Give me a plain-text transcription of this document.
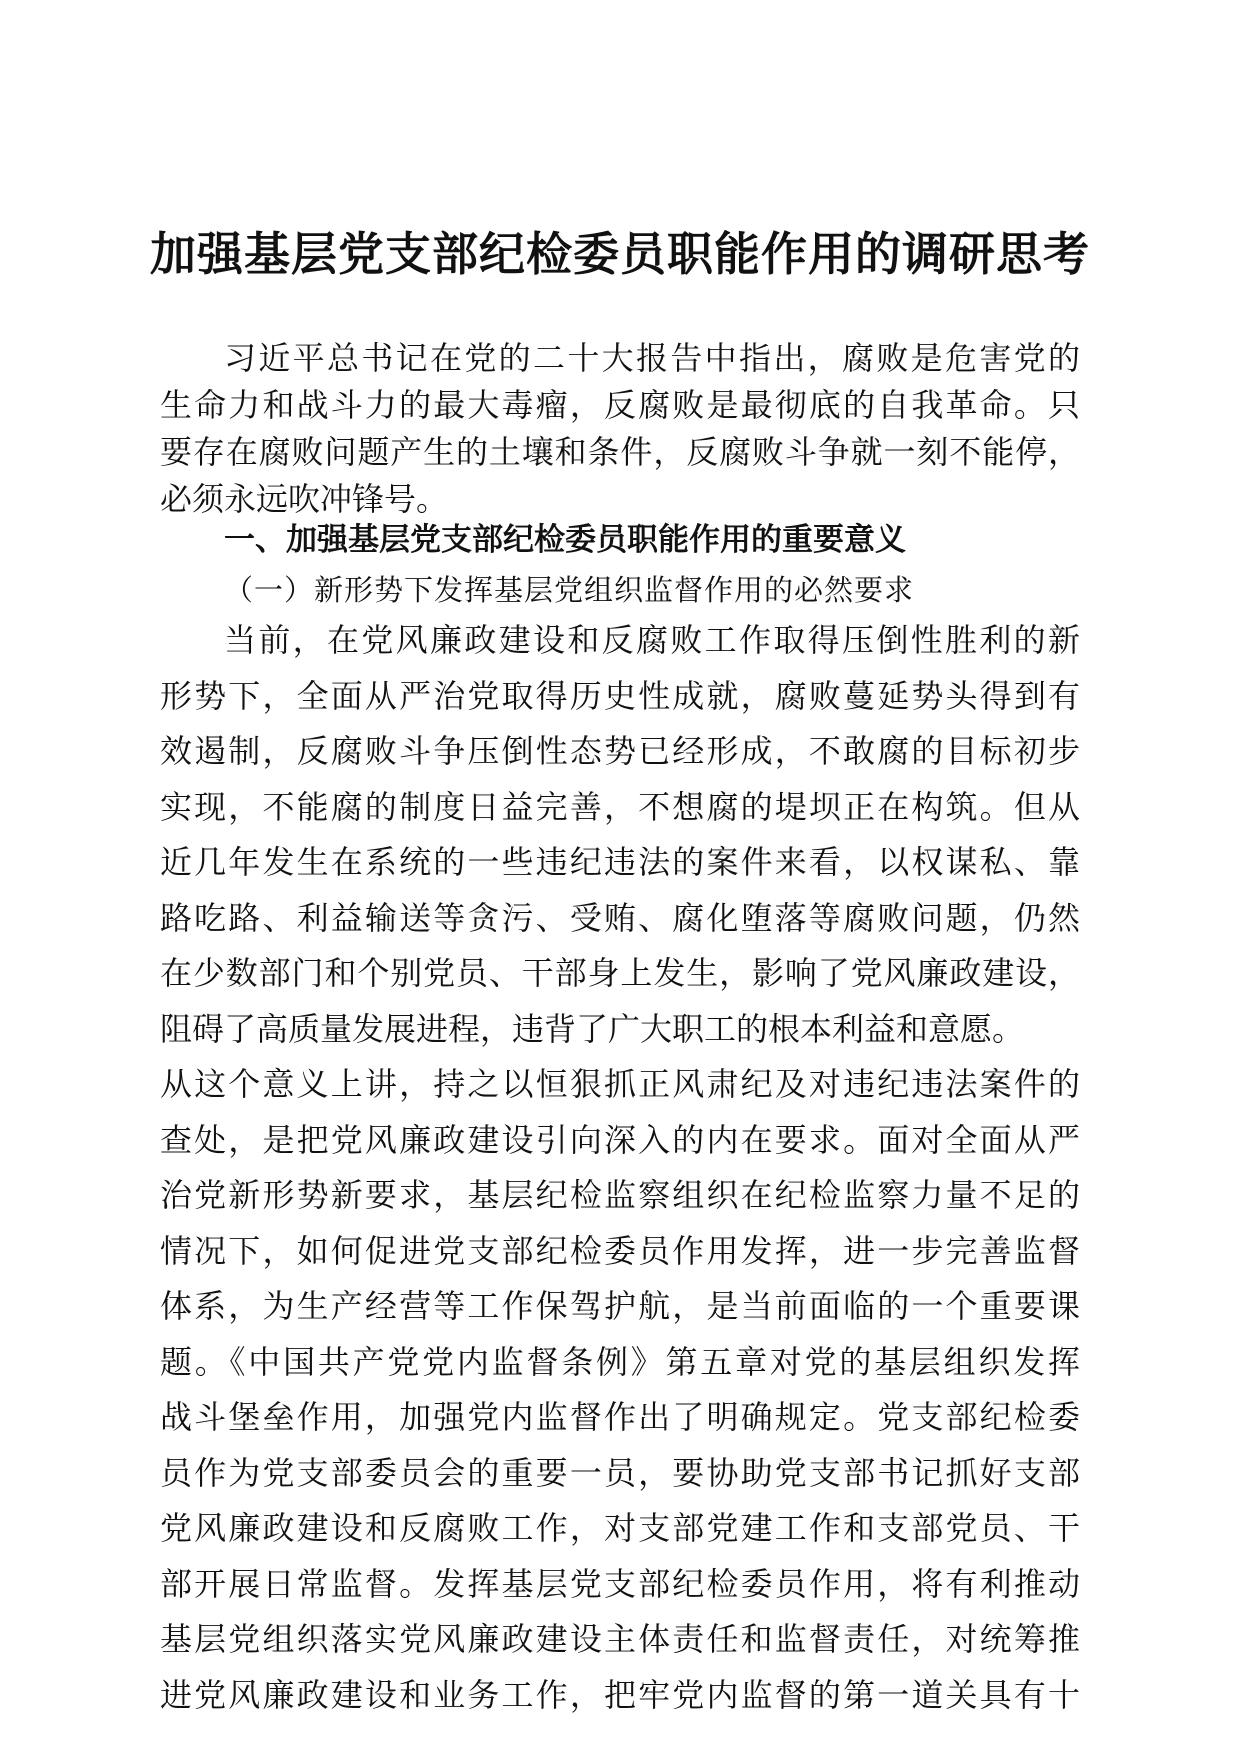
加强基层党支部纪检委员职能作用的调研思考
习近平总书记在党的二十大报告中指出，腐败是危害党的
生命力和战斗力的最大毒瘤，反腐败是最彻底的自我革命。只
要存在腐败问题产生的土壤和条件，反腐败斗争就一刻不能停，
必须永远吹冲锋号。
一、加强基层党支部纪检委员职能作用的重要意义
（一）新形势下发挥基层党组织监督作用的必然要求
当前，在党风廉政建设和反腐败工作取得压倒性胜利的新
形势下，全面从严治党取得历史性成就，腐败蔓延势头得到有
效遏制，反腐败斗争压倒性态势已经形成，不敢腐的目标初步
实现，不能腐的制度日益完善，不想腐的堤坝正在构筑。但从
近几年发生在系统的一些违纪违法的案件来看，以权谋私、靠
路吃路、利益输送等贪污、受贿、腐化堕落等腐败问题，仍然
在少数部门和个别党员、干部身上发生，影响了党风廉政建设，
阻碍了高质量发展进程，违背了广大职工的根本利益和意愿。
从这个意义上讲，持之以恒狠抓正风肃纪及对违纪违法案件的
查处，是把党风廉政建设引向深入的内在要求。面对全面从严
治党新形势新要求，基层纪检监察组织在纪检监察力量不足的
情况下，如何促进党支部纪检委员作用发挥，进一步完善监督
体系，为生产经营等工作保驾护航，是当前面临的一个重要课
题。《中国共产党党内监督条例》第五章对党的基层组织发挥
战斗堡垒作用，加强党内监督作出了明确规定。党支部纪检委
员作为党支部委员会的重要一员，要协助党支部书记抓好支部
党风廉政建设和反腐败工作，对支部党建工作和支部党员、干
部开展日常监督。发挥基层党支部纪检委员作用，将有利推动
基层党组织落实党风廉政建设主体责任和监督责任，对统筹推
进党风廉政建设和业务工作，把牢党内监督的第一道关具有十
